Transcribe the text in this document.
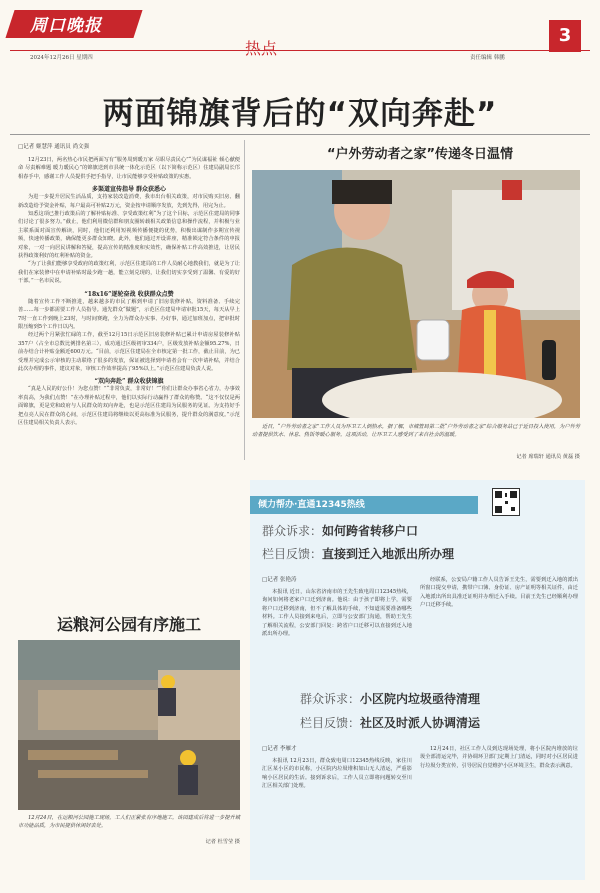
周口晚报
2024年12月26日 星期四	热点	责任编辑 韩鹏
3
两面锦旗背后的“双向奔赴”
□记者 姬慧萍 通讯员 尚文强
12月23日，两名热心市民把两面写有“服务周到暖万家 尽职尽责民心”“为民谋福祉 倾心献便命 尽责解难题 暖力暖民心”的锦旗送到市县统一体化示范区（以下简称示范区）住建局副局长邝相春手中，感谢工作人员提供手把手指导，让市民能够享受补贴政策的实惠。
多渠道宣传指导 群众获悉心
为进一步提升居民生活品质，支持家装改造消费，我市出台相关政策，对市民购买旧房、翻新改造给予资金补贴，每户最高可补贴2万元，资金按申请顺序发放，先到先得，用完为止。
知悉这项已推行政策后的了解补贴标准、享受政策红利“为了这个目标，示范区住建局的同事们讨论了很多努力。”截止，他们利用微信群和朋友圈转载相关政策信息和操作流程，并积极与业主联系面对面宣传解读，同时，他们还利用短视频传播便捷的优势，积极出谋制作多期宣传视频，快速传播政策，确保能更多群众知晓。此外，他们通过开设讲座，精准锁定符合条件的申报对象，一对一向居民讲解和答疑，提高宣传的精准度和实效性，确保补贴工作高效推进，让居民获得政策利好的红利补贴的资金。
“为了让我们能够享受政府的政策红利，示范区住建局的工作人员耐心地教我们，就是为了让我们在家装修中在申请补贴时最少跑一趟，能立刻兑现的，让我们切实享受到了温馨、有爱的好干部。”一名市民说。
“18x16”逐轮奋战 收获群众点赞
随着宣传工作不断推进，越来越多的市民了解到申请了旧房装修补贴。资料准备、手续完善……每一步都需要工作人员指导。通先群众“做题”，示范区住建局申请审批15天，每天从早上7时一直工作到晚上23时，与时间赛跑，全力为群众办实事、办好事，通过加班加点，把审批时限压缩到5个工作日以内。
经过两个月紧张忙碌的工作，截至12月15日示范区旧房装修补贴已累计申请房屋装修补贴357户（占全市总数比例排名第三），成功通过区级初审334户，区级发放补贴金额95.27%，日前办结合计补贴金额近600万元。“目前，示范区住建局在全市核定第一批工作，截止目前，为已受理并完成公示审核的主动联络了很多的发放，保证被选择到申请者会有一次申请补贴，并结合此次办理的事件，建议对象，审核工作效率提高了95%以上。”示范区住建局负责人说。
“双向奔赴” 群众收获锦旗
“真是人民的好公仆！为您点赞！”“非常负责，非常好！”“你们让群众办事省心省力，办事效率真高，为我们点赞！”在办理补贴过程中，他们以实际行动赢得了群众的称赞。“这不仅仅是两面锦旗，更是党和政府与人民群众的双向奔赴，也是示范区住建局为民服务的见证。为支持好手把点亮人民在群众的心间，示范区住建局将继续以更高标准为民服务，提升群众的满意度。”示范区住建局相关负责人表示。
“户外劳动者之家”传递冬日温情
近日，“户外劳动者之家”工作人员为环卫工人倒热水，据了解，市城管局第二批“户外劳动者之家”综合服务站已于近日投入使用，为户外劳动者提供饮水、休息、热饭等暖心服务。这项活动，让环卫工人感受到了来自社会的温暖。
记者 席瑞轩 通讯员 黄磊 摄
运粮河公园有序施工
12月24日，在运粮河公园施工现场，工人们正紧张有序地施工。该园建成后将进一步提升城市功能品质，为市民提供休闲好去处。
记者 杜雪莹 摄
倾力帮办·直通12345热线
群众诉求：如何跨省转移户口
栏目反馈：直接到迁入地派出所办理
□记者 张艳涛
本报讯 近日，山东省济南市的王先生致电周口12345热线，询问如何将老家户口迁到济南。他说：由于孩子即将上学，需要将户口迁移到济南，但不了解具体的手续，不知道需要准备哪些材料。工作人员接到来电后，立即与公安部门沟通，帮助王先生了解相关流程，公安部门回复：跨省户口迁移可以直接到迁入地派出所办理。
经联系，公安局户籍工作人员告诉王先生，需要到迁入地的派出所窗口提交申请，携带户口簿、身份证、房产证明等相关证件，由迁入地派出所出具准迁证明并办理迁入手续。目前王先生已经顺利办理户口迁移手续。
群众诉求：小区院内垃圾亟待清理
栏目反馈：社区及时派人协调清运
□记者 李雁才
本报讯 12月23日，群众致电周口12345热线反映，家住川汇区某小区的市民称，小区院内垃圾堆积如山无人清运，严重影响小区居民的生活。接到诉求后，工作人员立即将问题转交至川汇区相关部门处理。
12月24日，社区工作人员到达现场处理，将小区院内堆放的垃圾全部清运完毕，并协调环卫部门定期上门清运，同时对小区居民进行垃圾分类宣传，引导居民自觉维护小区环境卫生，群众表示满意。
